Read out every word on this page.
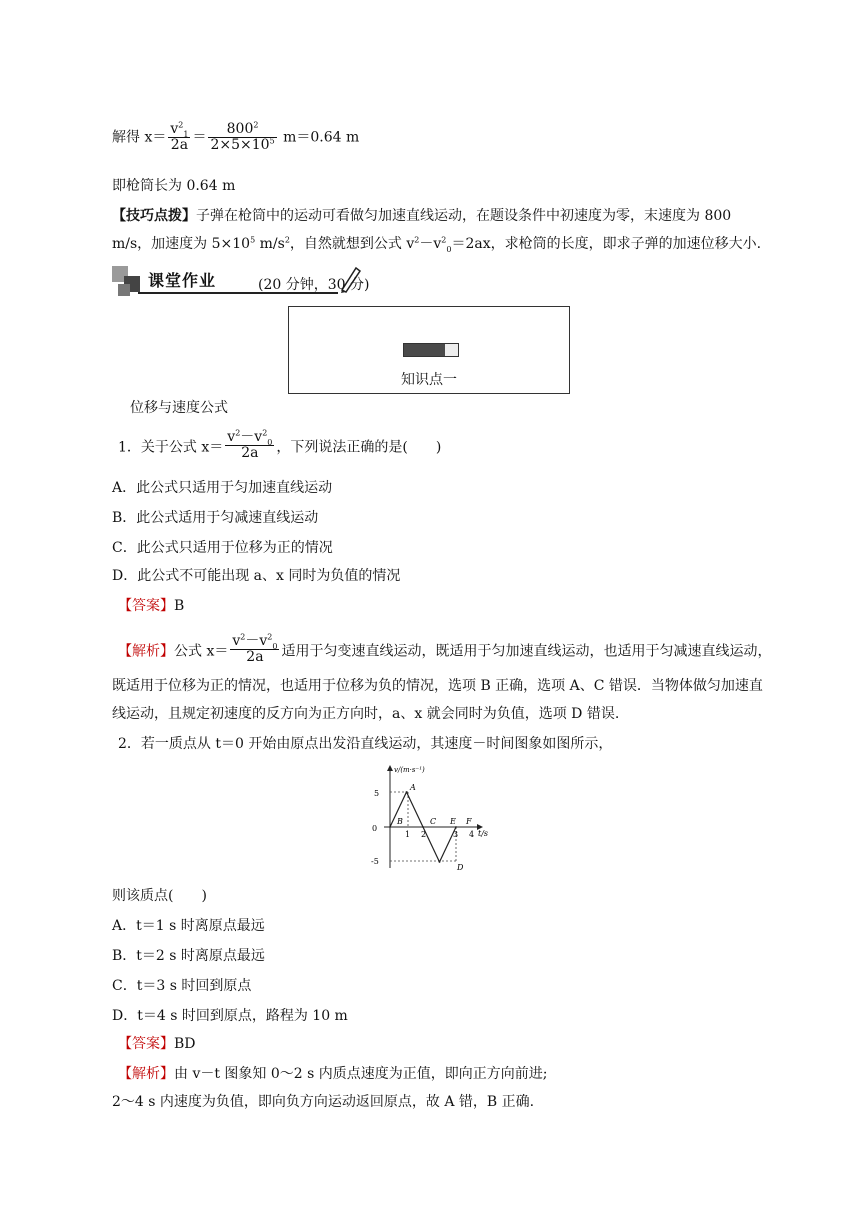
解得 $x= \frac{v^2_1}{2a} = \frac{800^2}{2\times 5\times 10^5} m=0.64$ m
即枪筒长为 0.64 m
【技巧点拨】子弹在枪筒中的运动可看做匀加速直线运动，在题设条件中初速度为零，末速度为 800
m/s，加速度为 $5\times 10^5$ $m/s^2$，自然就想到公式 $v^2-v^2_0=2ax$，求枪筒的长度，即求子弹的加速位移大小.
课堂作业	(20 分钟，30 分)
知识点一
位移与速度公式
1．关于公式 $x= \frac{v^2-v^2_0}{2a}$ ，下列说法正确的是(　　)
A．此公式只适用于匀加速直线运动
B．此公式适用于匀减速直线运动
C．此公式只适用于位移为正的情况
D．此公式不可能出现 a、x 同时为负值的情况
【答案】B
【解析】公式 $x= \frac{v^2-v^2_0}{2a}$ 适用于匀变速直线运动，既适用于匀加速直线运动，也适用于匀减速直线运动，
既适用于位移为正的情况，也适用于位移为负的情况，选项 B 正确，选项 A、C 错误．当物体做匀加速直
线运动，且规定初速度的反方向为正方向时，a、x 就会同时为负值，选项 D 错误.
2．若一质点从 t＝0 开始由原点出发沿直线运动，其速度－时间图象如图所示，
v/(m·s⁻¹)
t/s
5
0
-5
A
B	C E F
D
1 2	3 4
则该质点(　　)
A．t＝1 s 时离原点最远
B．t＝2 s 时离原点最远
C．t＝3 s 时回到原点
D．t＝4 s 时回到原点，路程为 10 m
【答案】BD
【解析】由 v－t 图象知 0～2 s 内质点速度为正值，即向正方向前进;
2～4 s 内速度为负值，即向负方向运动返回原点，故 A 错，B 正确.
